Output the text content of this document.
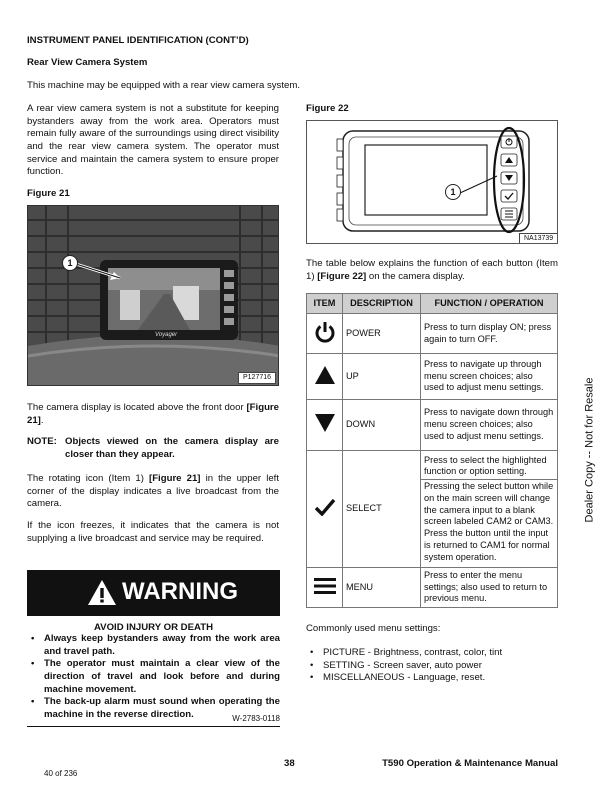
INSTRUMENT PANEL IDENTIFICATION (CONT’D)
Rear View Camera System
This machine may be equipped with a rear view camera system.
A rear view camera system is not a substitute for keeping bystanders away from the work area. Operators must remain fully aware of the surroundings using direct visibility and the rear view camera system. The operator must service and maintain the camera system to ensure proper function.
Figure 21
Voyager
1
P127716
The camera display is located above the front door [Figure 21].
NOTE: Objects viewed on the camera display are closer than they appear.
The rotating icon (Item 1) [Figure 21] in the upper left corner of the display indicates a live broadcast from the camera.
If the icon freezes, it indicates that the camera is not supplying a live broadcast and service may be required.
WARNING
AVOID INJURY OR DEATH
• Always keep bystanders away from the work area and travel path.
• The operator must maintain a clear view of the direction of travel and look before and during machine movement.
• The back-up alarm must sound when operating the machine in the reverse direction.	W-2783-0118
Figure 22
1
NA13739
The table below explains the function of each button (Item 1) [Figure 22] on the camera display.
ITEM	DESCRIPTION	FUNCTION / OPERATION
	POWER	Press to turn display ON; press again to turn OFF.
	UP	Press to navigate up through menu screen choices; also used to adjust menu settings.
	DOWN	Press to navigate down through menu screen choices; also used to adjust menu settings.
	SELECT	Press to select the highlighted function or option setting.
Pressing the select button while on the main screen will change the camera input to a blank screen labeled CAM2 or CAM3. Press the button until the input is returned to CAM1 for normal system operation.

	MENU	Press to enter the menu settings; also used to return to previous menu.
Commonly used menu settings:
• PICTURE - Brightness, contrast, color, tint
• SETTING - Screen saver, auto power
• MISCELLANEOUS - Language, reset.
Dealer Copy -- Not for Resale
38	T590 Operation & Maintenance Manual
40 of 236
